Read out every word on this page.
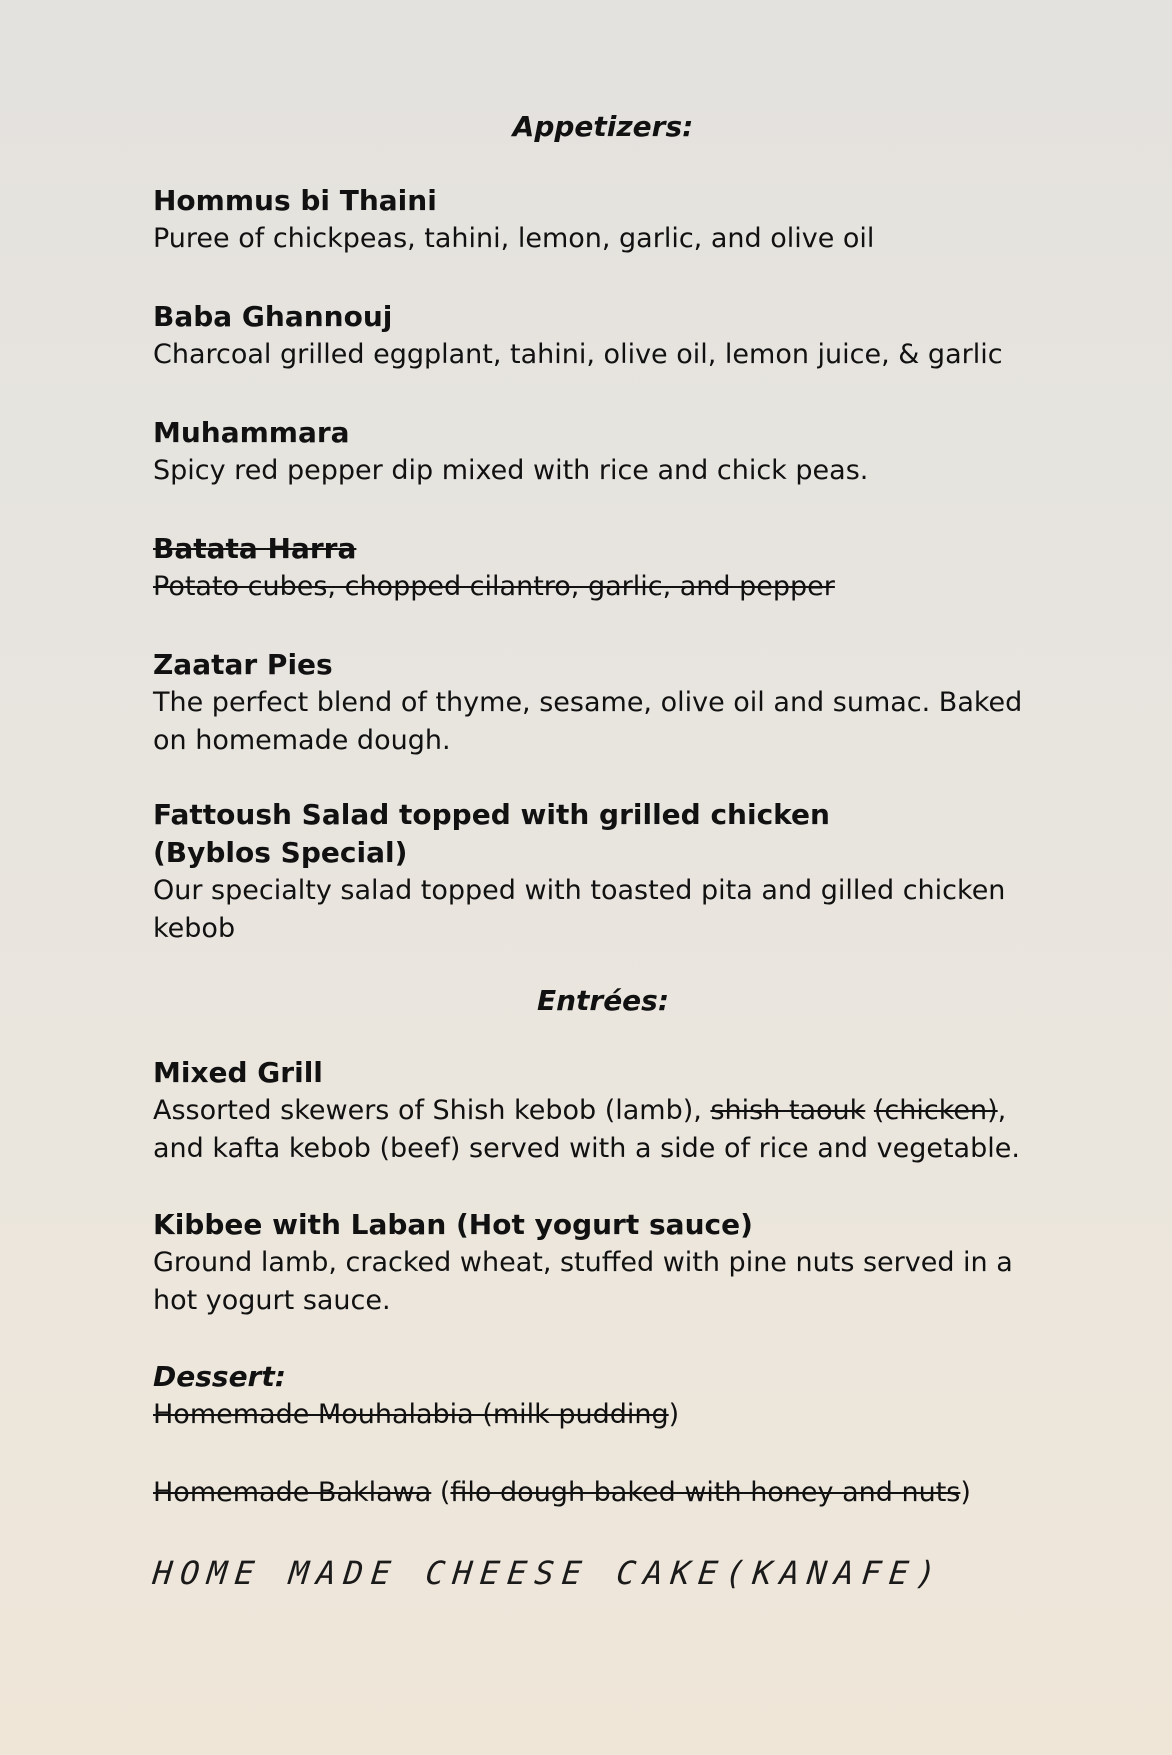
Appetizers:

Hommus bi Thaini

Puree of chickpeas, tahini, lemon, garlic, and olive oil

Baba Ghannouj

Charcoal grilled eggplant, tahini, olive oil, lemon juice, & garlic

Muhammara

Spicy red pepper dip mixed with rice and chick peas.

Batata Harra

Potato cubes, chopped cilantro, garlic, and pepper

Zaatar Pies

The perfect blend of thyme, sesame, olive oil and sumac. Baked on homemade dough.

Fattoush Salad topped with grilled chicken (Byblos Special)

Our specialty salad topped with toasted pita and gilled chicken kebob

Entrées:

Mixed Grill

Assorted skewers of Shish kebob (lamb), shish taouk (chicken), and kafta kebob (beef) served with a side of rice and vegetable.

Kibbee with Laban (Hot yogurt sauce)

Ground lamb, cracked wheat, stuffed with pine nuts served in a hot yogurt sauce.

Dessert:

Homemade Mouhalabia (milk pudding)

Homemade Baklawa (filo dough baked with honey and nuts)

HOME MADE CHEESE CAKE(KANAFE)
